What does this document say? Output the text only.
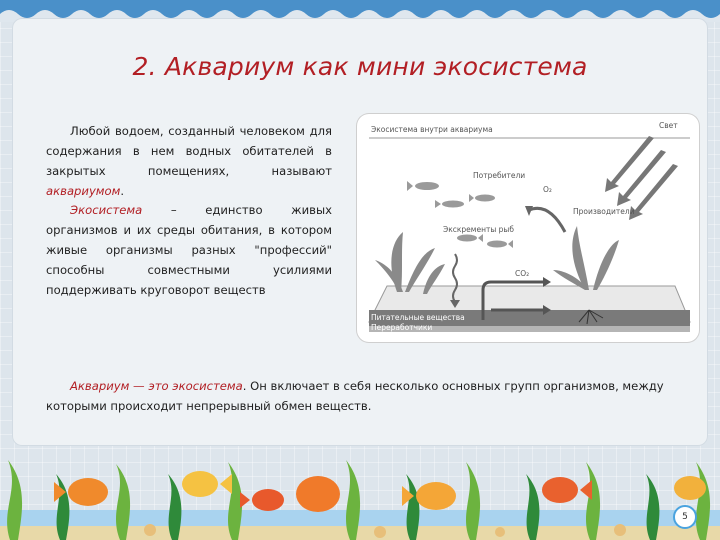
2. Аквариум как мини экосистема
Любой водоем, созданный человеком для содержания в нем водных обитателей в закрытых помещениях, называют аквариумом.
Экосистема – единство живых организмов и их среды обитания, в котором живые организмы разных "профессий" способны совместными усилиями поддерживать круговорот веществ
Экосистема внутри аквариума	Свет
Потребители
O₂
Производители
Экскременты рыб
CO₂
Питательные вещества
Переработчики
Аквариум — это экосистема. Он включает в себя несколько основных групп организмов, между которыми происходит непрерывный обмен веществ.
5
